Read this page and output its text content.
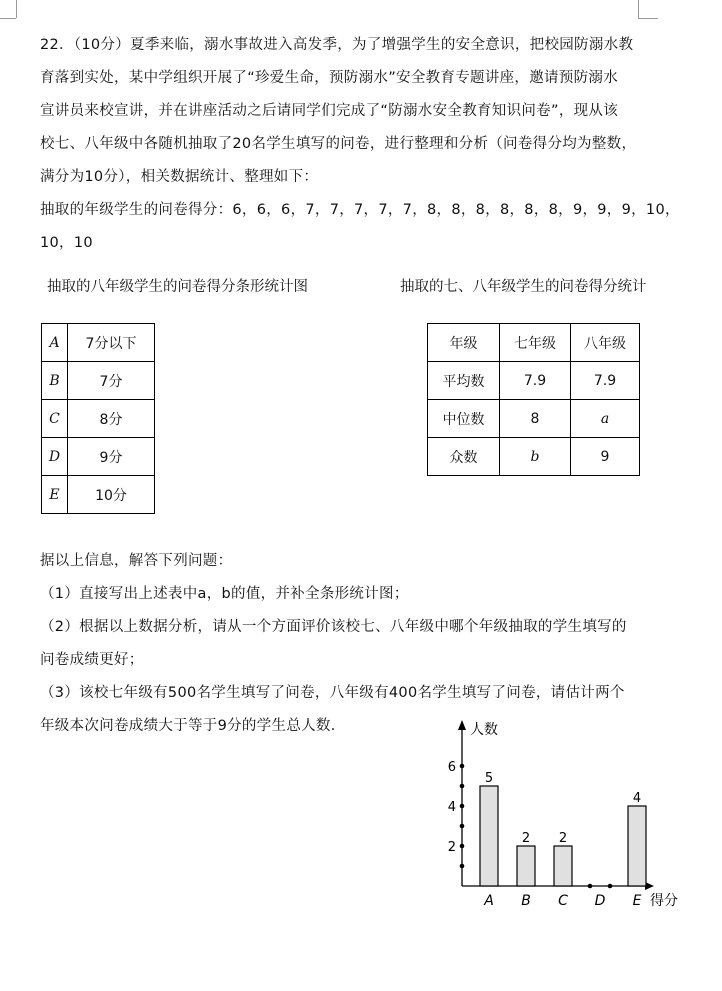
22．（10分）夏季来临，溺水事故进入高发季，为了增强学生的安全意识，把校园防溺水教
育落到实处，某中学组织开展了“珍爱生命，预防溺水”安全教育专题讲座，邀请预防溺水
宣讲员来校宣讲，并在讲座活动之后请同学们完成了“防溺水安全教育知识问卷”，现从该
校七、八年级中各随机抽取了20名学生填写的问卷，进行整理和分析（问卷得分均为整数，
满分为10分），相关数据统计、整理如下：
抽取的年级学生的问卷得分：6，6，6，7，7，7，7，7，8，8，8，8，8，8，9，9，9，10，
10，10
抽取的八年级学生的问卷得分条形统计图	抽取的七、八年级学生的问卷得分统计
A	7分以下
B	7分
C	8分
D	9分
E	10分
年级	七年级	八年级
平均数	7.9	7.9
中位数	8	a
众数	b	9
据以上信息，解答下列问题：
（1）直接写出上述表中a，b的值，并补全条形统计图；
（2）根据以上数据分析，请从一个方面评价该校七、八年级中哪个年级抽取的学生填写的
问卷成绩更好；
（3）该校七年级有500名学生填写了问卷，八年级有400名学生填写了问卷，请估计两个
年级本次问卷成绩大于等于9分的学生总人数．	人数
得分
2
4
6
5
A
2
B
2
C D
4
E
